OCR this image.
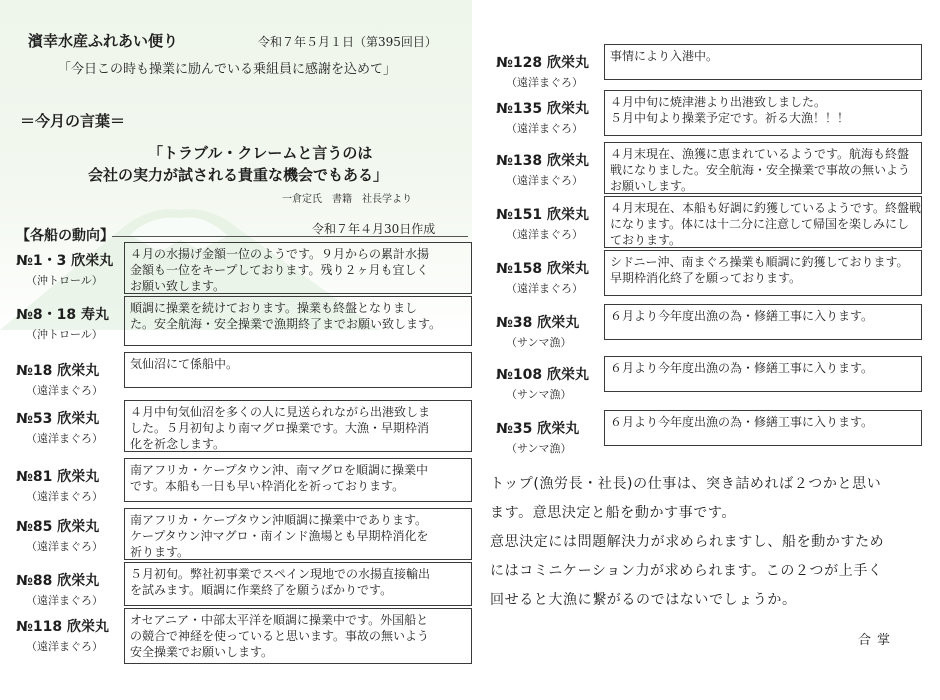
濱幸水産ふれあい便り	令和７年５月１日（第395回目）
「今日この時も操業に励んでいる乗組員に感謝を込めて」
＝今月の言葉＝
「トラブル・クレームと言うのは
会社の実力が試される貴重な機会でもある」
一倉定氏　書籍　社長学より
【各船の動向】	令和７年４月30日作成
№1・3 欣栄丸
（沖トロール）
４月の水揚げ金額一位のようです。９月からの累計水揚
金額も一位をキープしております。残り２ヶ月も宜しく
お願い致します。
№8・18 寿丸
（沖トロール）
順調に操業を続けております。操業も終盤となりまし
た。安全航海・安全操業で漁期終了までお願い致します。
№18 欣栄丸
（遠洋まぐろ）
気仙沼にて係船中。
№53 欣栄丸
（遠洋まぐろ）
４月中旬気仙沼を多くの人に見送られながら出港致しま
した。５月初旬より南マグロ操業です。大漁・早期枠消
化を祈念します。
№81 欣栄丸
（遠洋まぐろ）
南アフリカ・ケープタウン沖、南マグロを順調に操業中
です。本船も一日も早い枠消化を祈っております。
№85 欣栄丸
（遠洋まぐろ）
南アフリカ・ケープタウン沖順調に操業中であります。
ケープタウン沖マグロ・南インド漁場とも早期枠消化を
祈ります。
№88 欣栄丸
（遠洋まぐろ）
５月初旬。弊社初事業でスペイン現地での水揚直接輸出
を試みます。順調に作業終了を願うばかりです。
№118 欣栄丸
（遠洋まぐろ）
オセアニア・中部太平洋を順調に操業中です。外国船と
の競合で神経を使っていると思います。事故の無いよう
安全操業でお願いします。
№128 欣栄丸
（遠洋まぐろ）
事情により入港中。
№135 欣栄丸
（遠洋まぐろ）
４月中旬に焼津港より出港致しました。
５月中旬より操業予定です。祈る大漁！！！
№138 欣栄丸
（遠洋まぐろ）
４月末現在、漁獲に恵まれているようです。航海も終盤
戦になりました。安全航海・安全操業で事故の無いよう
お願いします。
№151 欣栄丸
（遠洋まぐろ）
４月末現在、本船も好調に釣獲しているようです。終盤戦
になります。体には十二分に注意して帰国を楽しみにし
ております。
№158 欣栄丸
（遠洋まぐろ）
シドニー沖、南まぐろ操業も順調に釣獲しております。
早期枠消化終了を願っております。
№38 欣栄丸
（サンマ漁）
６月より今年度出漁の為・修繕工事に入ります。
№108 欣栄丸
（サンマ漁）
６月より今年度出漁の為・修繕工事に入ります。
№35 欣栄丸
（サンマ漁）
６月より今年度出漁の為・修繕工事に入ります。
トップ(漁労長・社長)の仕事は、突き詰めれば２つかと思い
ます。意思決定と船を動かす事です。
意思決定には問題解決力が求められますし、船を動かすため
にはコミニケーション力が求められます。この２つが上手く
回せると大漁に繋がるのではないでしょうか。
合掌
